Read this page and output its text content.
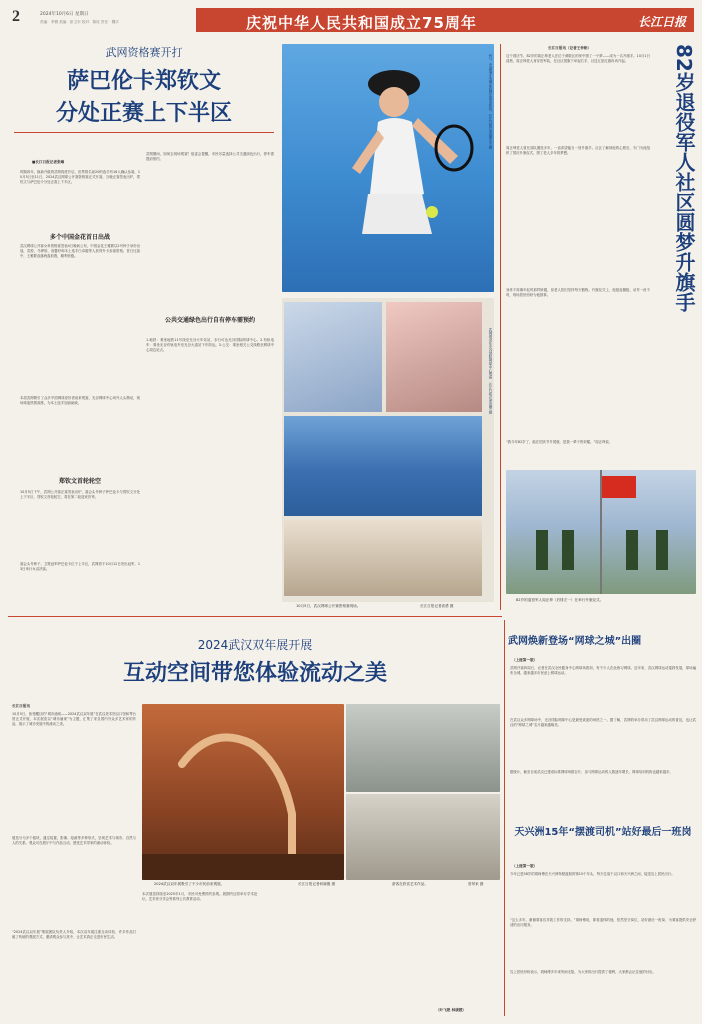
2	2024年10月6日 星期日
责编：李钢 美编：彭卫东 校对：陈旺 责任：魏宇	庆祝中华人民共和国成立75周年	长江日报
武网资格赛开打
萨巴伦卡郑钦文
分处正赛上下半区
■长江日报记者张琳
时隔四年，换新升级的武网再度开启，世界排名前20的选手有16人确认参赛，10月5日至11日，2024武汉网球公开赛资格赛正式开赛，当晚正赛签表出炉，郑钦文与萨巴伦卡分处正赛上下半区。
多个中国金花首日出战
武汉网球公开赛女单资格赛签表4日晚间公布，中国金花王雅繁以2号种子身份出战，袁悦、马烨欣、高馨妤和本土选手白卓璇等人获得外卡参赛资格。首日比赛中，王雅繁直落两盘取胜，顺利晋级。
本届武网吸引了众多中国网球爱好者前来观赛，光谷网球中心场外人头攒动，现场球迷热情高涨，为本土选手加油助威。
郑钦文首轮轮空
10月5日下午，武网公开赛正赛签表出炉，赛会头号种子萨巴伦卡与郑钦文分处上下半区，郑钦文首轮轮空，将在第二轮迎来首秀。
赛会头号种子、卫冕冠军萨巴伦卡位于上半区，武网将于10月12日决出冠军，13日举行女双决赛。
武网期间，如何去现场观赛？组委会提醒，市民尽量选择公共交通绿色出行，停车需提前预约。
公共交通绿色出行自有停车需预约
1.地铁：乘坐地铁11号线至光谷火车站站，步行可达光谷国际网球中心。2.有轨电车：乘坐光谷有轨电车至光谷大道站下车即达。3.公交：乘坐相关公交线路至网球中心周边站点。
5日，中国选手朱琳在武网比赛中挥拍。长江日报记者胡冬冬 摄
武网观众在光谷国际网球中心观赛　长江日报记者高勇 摄
10月5日，武汉网球公开赛资格赛现场。	长江日报记者高勇 摄
长江日报讯（记者王仲彬）
这个国庆节，82岁的周正坤老人在位于黄陂区的家中圆了一个梦——成为一名升旗手。10月1日清晨，周正坤老人身穿旧军装，在社区国旗下举起右手，目送五星红旗冉冉升起。
周正坤老人曾在部队服役多年，一直希望能当一回升旗手。社区了解到他的心愿后，专门为他组织了国庆升旗仪式，圆了老人多年的梦想。
身体不再像年轻时那样矫健，但老人依旧坚持每天锻炼。升旗仪式上，他挺直腰板，动作一丝不苟，现场居民纷纷为他鼓掌。
“我今年82岁了，能在国庆节升国旗，是我一辈子的荣耀。”周正坤说。
82岁退役军人社区圆梦升旗手
82岁的退役军人周正坤（后排左一）在举行升旗仪式。
2024武汉双年展开展
互动空间带您体验流动之美
长江日报讯
10月5日，备受瞩目的“城市涌现——2024武汉双年展”在武汉美术馆汉口馆和琴台馆正式开展，本次展览以“城市涌现”为主题，汇集了来自国内外众多艺术家的作品，展示了城市发展中的流动之美。
展览分为多个板块，通过装置、影像、绘画等多种形式，呈现艺术与城市、自然与人的关系。观众可在展厅中与作品互动，感受艺术带来的流动体验。
“2024武汉双年展”策展团队负责人介绍，本次双年展注重互动体验，许多作品打破了传统的观展方式，邀请观众参与其中，让艺术真正走进市民生活。
2024武汉双年展吸引了不少市民前来观展。	长江日报记者何晓刚 摄	游客在欣赏艺术作品。	曾昂来 摄
本次展览持续至2025年1月，市民可免费预约参观。展期内还将举办学术论坛、艺术家分享会等系列公共教育活动。
（叶飞艳 林康媛）
武网焕新登场“网球之城”出圈
（上接第一版）
武网开赛四周日，记者在武汉全民健身中心网球场看到，有不少人在此练习网球。近年来，武汉网球运动蓬勃发展，球场遍布全城，越来越多市民爱上网球运动。
在武汉众多网球场中，光谷国际网球中心是最受欢迎的场馆之一。据了解，武网的举办带动了武汉网球运动的普及，也让武汉的“网球之城”名片越来越响亮。
据统计，截至目前武汉已建成标准网球场数百片，参与网球运动的人数逐年增长，网球培训机构也越来越多。
天兴洲15年“摆渡司机”站好最后一班岗
（上接第一版）
今年已是58岁的胡师傅在天兴洲驾驶渡船的第15个年头，每天往返于汉口和天兴洲之间，接送岛上居民出行。
“这么多年，谢谢乘客们对我工作的支持。”胡师傅说，即将退休的他，依然坚守岗位，站好最后一班岗，为乘客提供安全舒适的出行服务。
岛上居民纷纷表示，胡师傅多年来风雨无阻，为大家的出行提供了便利，大家都会记住他的付出。
